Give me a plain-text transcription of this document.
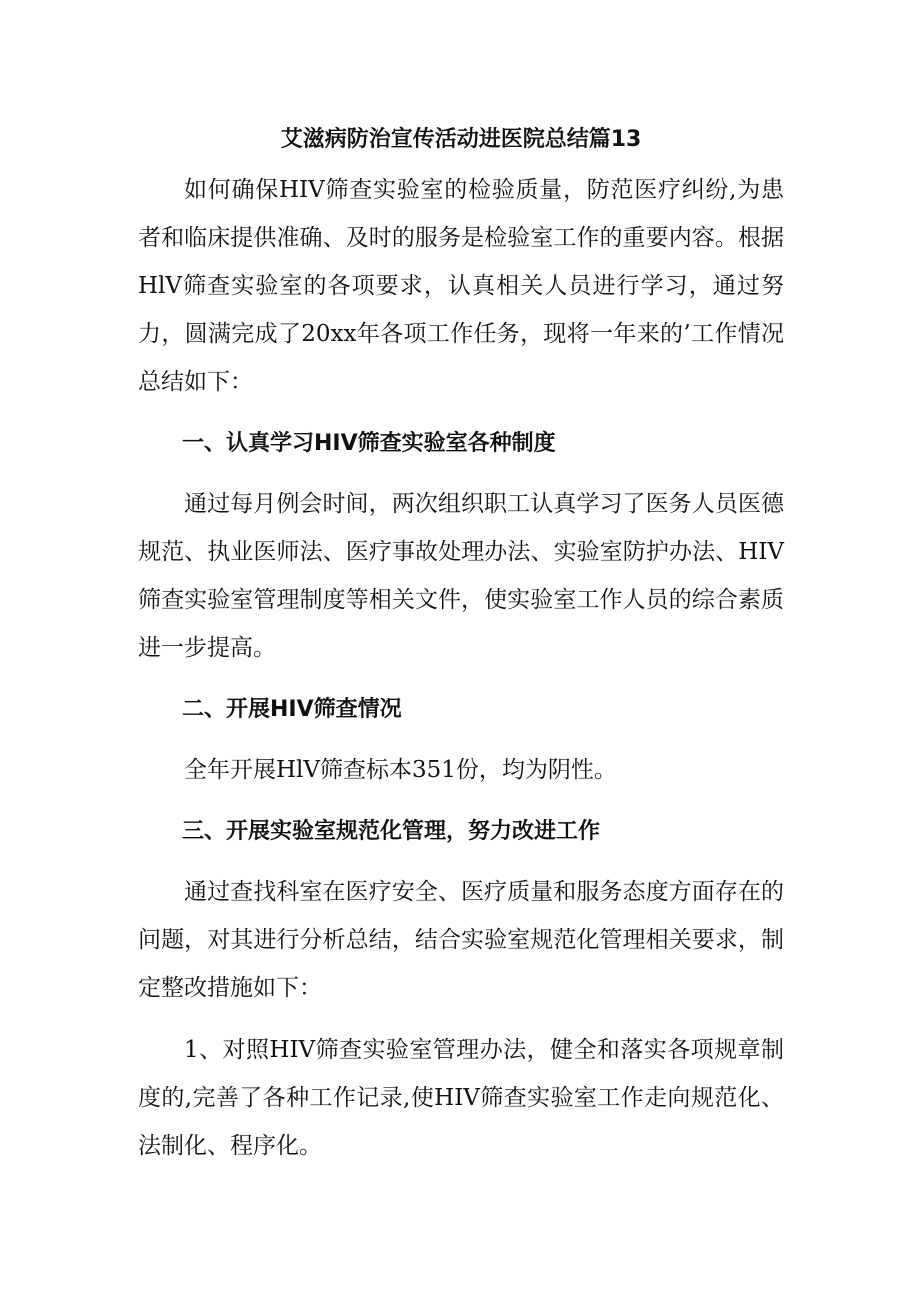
艾滋病防治宣传活动进医院总结篇13

如何确保HIV筛查实验室的检验质量，防范医疗纠纷,为患者和临床提供准确、及时的服务是检验室工作的重要内容。根据HlV筛查实验室的各项要求，认真相关人员进行学习，通过努力，圆满完成了20xx年各项工作任务，现将一年来的’工作情况总结如下：

一、认真学习HIV筛查实验室各种制度

通过每月例会时间，两次组织职工认真学习了医务人员医德规范、执业医师法、医疗事故处理办法、实验室防护办法、HIV筛查实验室管理制度等相关文件，使实验室工作人员的综合素质进一步提高。

二、开展HIV筛查情况

全年开展HlV筛查标本351份，均为阴性。

三、开展实验室规范化管理，努力改进工作

通过查找科室在医疗安全、医疗质量和服务态度方面存在的问题，对其进行分析总结，结合实验室规范化管理相关要求，制定整改措施如下：

1、对照HIV筛查实验室管理办法，健全和落实各项规章制度的,完善了各种工作记录,使HIV筛查实验室工作走向规范化、法制化、程序化。
